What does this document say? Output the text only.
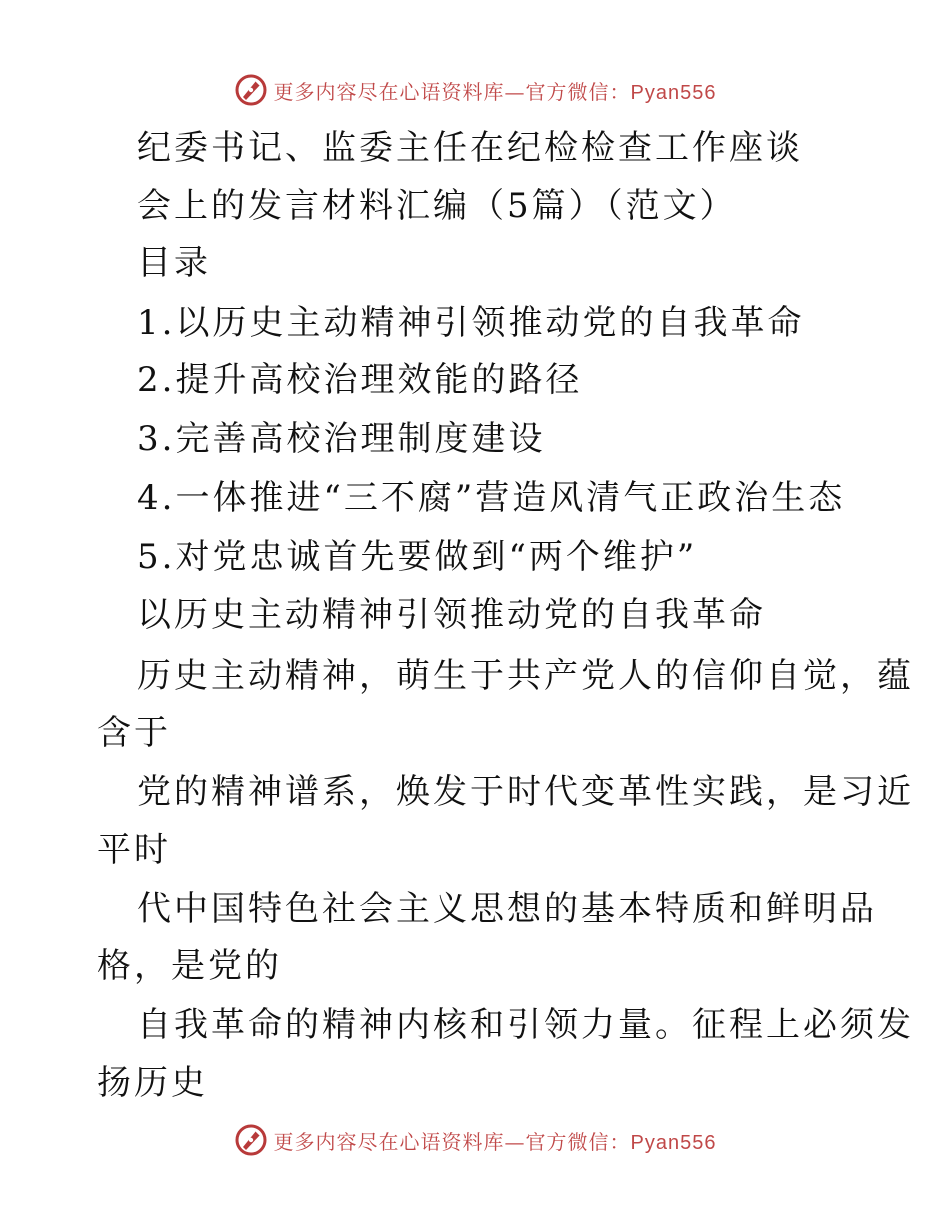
更多内容尽在心语资料库—官方微信：Pyan556
纪委书记、监委主任在纪检检查工作座谈
会上的发言材料汇编（5篇）（范文）
目录
1.以历史主动精神引领推动党的自我革命
2.提升高校治理效能的路径
3.完善高校治理制度建设
4.一体推进“三不腐”营造风清气正政治生态
5.对党忠诚首先要做到“两个维护”
以历史主动精神引领推动党的自我革命
历史主动精神，萌生于共产党人的信仰自觉，蕴
含于
党的精神谱系，焕发于时代变革性实践，是习近
平时
代中国特色社会主义思想的基本特质和鲜明品
格，是党的
自我革命的精神内核和引领力量。征程上必须发
扬历史
更多内容尽在心语资料库—官方微信：Pyan556
